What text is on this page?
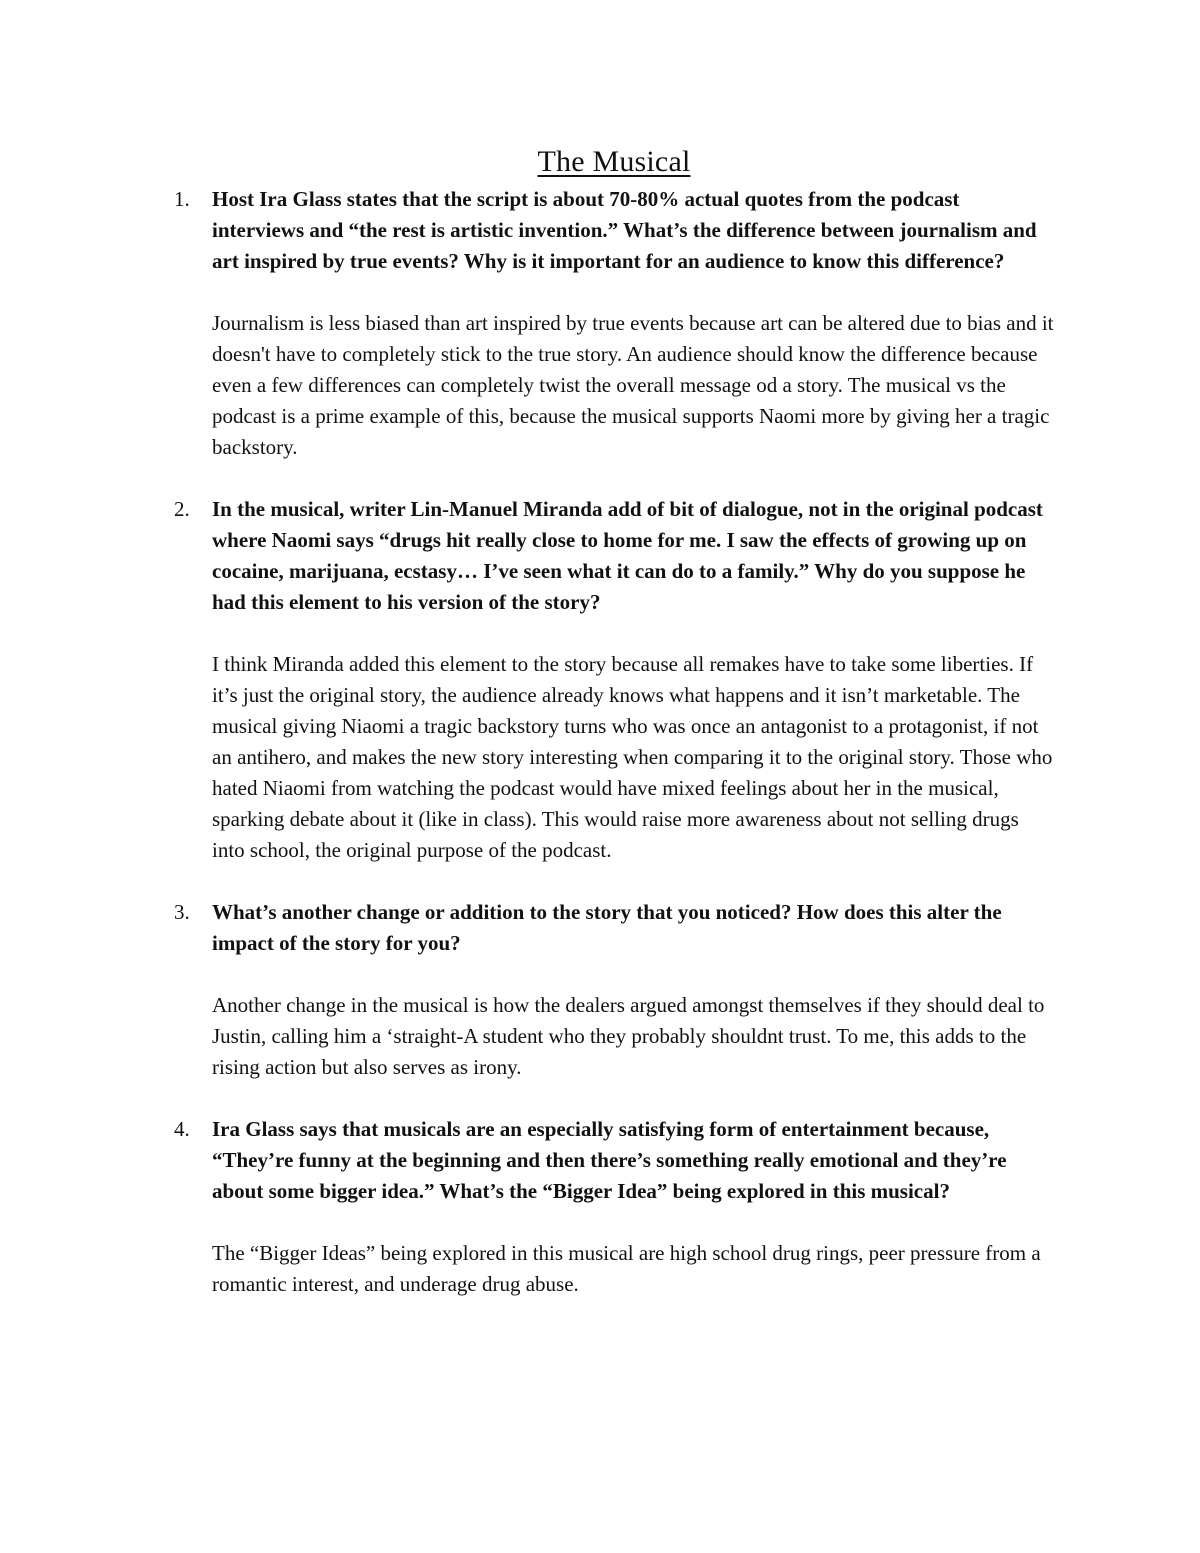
The Musical
1. Host Ira Glass states that the script is about 70-80% actual quotes from the podcast interviews and “the rest is artistic invention.” What’s the difference between journalism and art inspired by true events? Why is it important for an audience to know this difference?

Journalism is less biased than art inspired by true events because art can be altered due to bias and it doesn't have to completely stick to the true story. An audience should know the difference because even a few differences can completely twist the overall message od a story. The musical vs the podcast is a prime example of this, because the musical supports Naomi more by giving her a tragic backstory.

2. In the musical, writer Lin-Manuel Miranda add of bit of dialogue, not in the original podcast where Naomi says “drugs hit really close to home for me. I saw the effects of growing up on cocaine, marijuana, ecstasy… I’ve seen what it can do to a family.” Why do you suppose he had this element to his version of the story?

I think Miranda added this element to the story because all remakes have to take some liberties. If it’s just the original story, the audience already knows what happens and it isn’t marketable. The musical giving Niaomi a tragic backstory turns who was once an antagonist to a protagonist, if not an antihero, and makes the new story interesting when comparing it to the original story. Those who hated Niaomi from watching the podcast would have mixed feelings about her in the musical, sparking debate about it (like in class). This would raise more awareness about not selling drugs into school, the original purpose of the podcast.

3. What’s another change or addition to the story that you noticed? How does this alter the impact of the story for you?

Another change in the musical is how the dealers argued amongst themselves if they should deal to Justin, calling him a ‘straight-A student who they probably shouldnt trust. To me, this adds to the rising action but also serves as irony.

4. Ira Glass says that musicals are an especially satisfying form of entertainment because, “They’re funny at the beginning and then there’s something really emotional and they’re about some bigger idea.” What’s the “Bigger Idea” being explored in this musical?

The “Bigger Ideas” being explored in this musical are high school drug rings, peer pressure from a romantic interest, and underage drug abuse.
